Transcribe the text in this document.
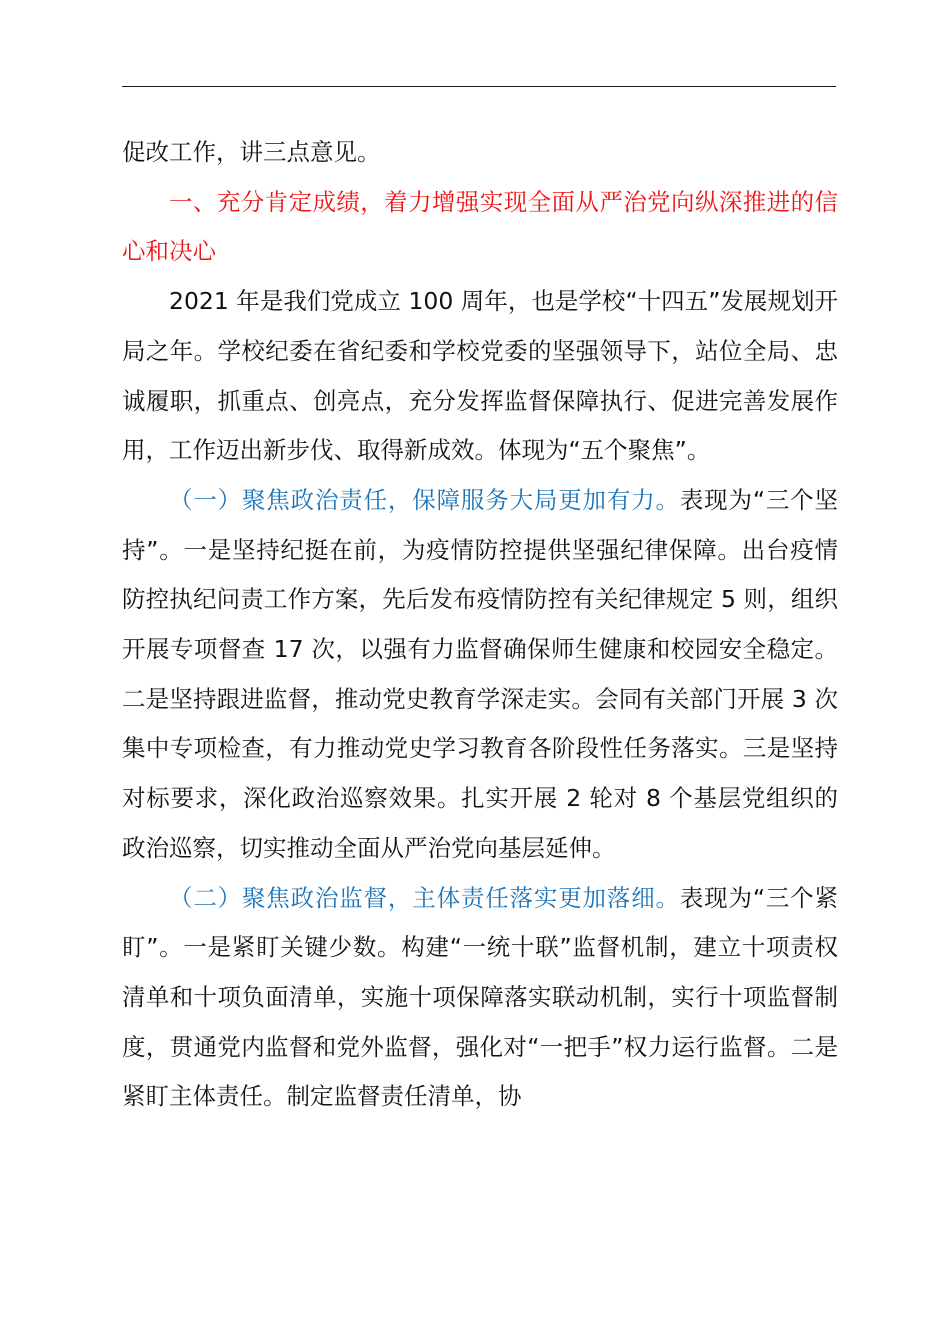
促改工作，讲三点意见。

一、充分肯定成绩，着力增强实现全面从严治党向纵深推进的信心和决心

2021 年是我们党成立 100 周年，也是学校“十四五”发展规划开局之年。学校纪委在省纪委和学校党委的坚强领导下，站位全局、忠诚履职，抓重点、创亮点，充分发挥监督保障执行、促进完善发展作用，工作迈出新步伐、取得新成效。体现为“五个聚焦”。

（一）聚焦政治责任，保障服务大局更加有力。表现为“三个坚持”。一是坚持纪挺在前，为疫情防控提供坚强纪律保障。出台疫情防控执纪问责工作方案，先后发布疫情防控有关纪律规定 5 则，组织开展专项督查 17 次，以强有力监督确保师生健康和校园安全稳定。二是坚持跟进监督，推动党史教育学深走实。会同有关部门开展 3 次集中专项检查，有力推动党史学习教育各阶段性任务落实。三是坚持对标要求，深化政治巡察效果。扎实开展 2 轮对 8 个基层党组织的政治巡察，切实推动全面从严治党向基层延伸。

（二）聚焦政治监督，主体责任落实更加落细。表现为“三个紧盯”。一是紧盯关键少数。构建“一统十联”监督机制，建立十项责权清单和十项负面清单，实施十项保障落实联动机制，实行十项监督制度，贯通党内监督和党外监督，强化对“一把手”权力运行监督。二是紧盯主体责任。制定监督责任清单，协
